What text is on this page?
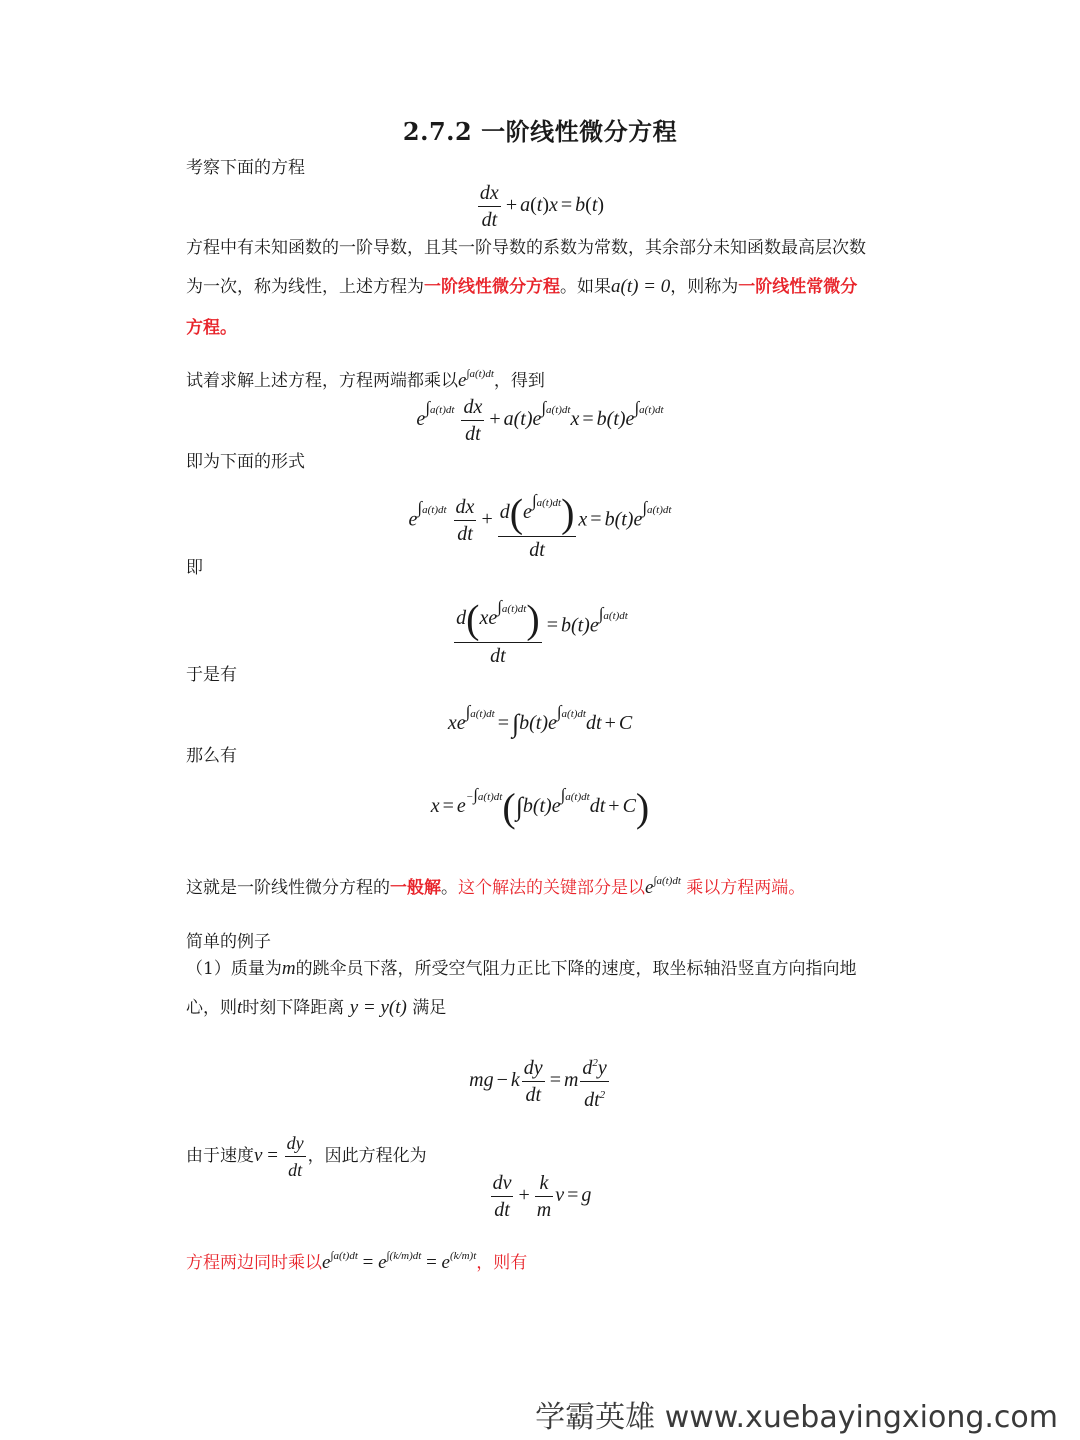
2.7.2 一阶线性微分方程
考察下面的方程
$\frac{dx}{dt} + a(t)x = b(t)$
方程中有未知函数的一阶导数，且其一阶导数的系数为常数，其余部分未知函数最高层次数
为一次，称为线性，上述方程为一阶线性微分方程。如果a(t) = 0，则称为一阶线性常微分
方程。
试着求解上述方程，方程两端都乘以$e^{\int a(t)dt}$，得到
$e^{\int a(t)dt} \frac{dx}{dt} + a(t)e^{\int a(t)dt}x = b(t)e^{\int a(t)dt}$
即为下面的形式
$e^{\int a(t)dt} \frac{dx}{dt} + \frac{d(e^{\int a(t)dt})}{dt}$ $x = b(t)e^{\int a(t)dt}$
即
$\frac{d(xe^{\int a(t)dt})}{dt} = b(t)e^{\int a(t)dt}$
于是有
$xe^{\int a(t)dt} = \int b(t)e^{\int a(t)dt}dt + C$
那么有
$x = e^{-\int a(t)dt}(\int b(t)e^{\int a(t)dt}dt + C)$
这就是一阶线性微分方程的一般解。这个解法的关键部分是以$e^{\int a(t)dt}$ 乘以方程两端。
简单的例子
（1）质量为m的跳伞员下落，所受空气阻力正比下降的速度，取坐标轴沿竖直方向指向地
心，则t时刻下降距离 y = y(t) 满足
mg − k $\frac{dy}{dt} = m \frac{d^2y}{dt^2}$
由于速度$v = \frac{dy}{dt}$ ，因此方程化为
$\frac{dv}{dt} + \frac{k}{m}$ v = g
方程两边同时乘以$e^{\int a(t)dt} = e^{\int(k/m)dt} = e^{(k/m)t}$，则有
学霸英雄 www.xuebayingxiong.com
